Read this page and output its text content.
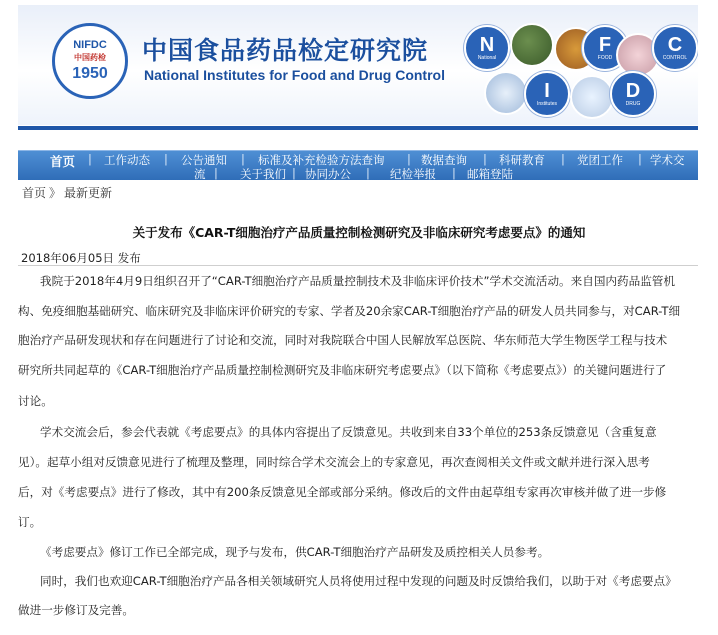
NIFDC
中国药检
1950
中国食品药品检定研究院
National Institutes for Food and Drug Control
N
National
F
FOOD
C
CONTROL
I
Institutes
D
DRUG
首页 | 工作动态 | 公告通知 | 标准及补充检验方法查询 | 数据查询 | 科研教育 | 党团工作 | 学术交
流 | 关于我们 | 协同办公 | 纪检举报 | 邮箱登陆
首页 》 最新更新
关于发布《CAR-T细胞治疗产品质量控制检测研究及非临床研究考虑要点》的通知
2018年06月05日 发布
我院于2018年4月9日组织召开了“CAR-T细胞治疗产品质量控制技术及非临床评价技术”学术交流活动。来自国内药品监管机
构、免疫细胞基础研究、临床研究及非临床评价研究的专家、学者及20余家CAR-T细胞治疗产品的研发人员共同参与，对CAR-T细
胞治疗产品研发现状和存在问题进行了讨论和交流，同时对我院联合中国人民解放军总医院、华东师范大学生物医学工程与技术
研究所共同起草的《CAR-T细胞治疗产品质量控制检测研究及非临床研究考虑要点》（以下简称《考虑要点》）的关键问题进行了
讨论。
学术交流会后，参会代表就《考虑要点》的具体内容提出了反馈意见。共收到来自33个单位的253条反馈意见（含重复意
见）。起草小组对反馈意见进行了梳理及整理，同时综合学术交流会上的专家意见，再次查阅相关文件或文献并进行深入思考
后，对《考虑要点》进行了修改，其中有200条反馈意见全部或部分采纳。修改后的文件由起草组专家再次审核并做了进一步修
订。
《考虑要点》修订工作已全部完成，现予与发布，供CAR-T细胞治疗产品研发及质控相关人员参考。
同时，我们也欢迎CAR-T细胞治疗产品各相关领域研究人员将使用过程中发现的问题及时反馈给我们，以助于对《考虑要点》
做进一步修订及完善。
